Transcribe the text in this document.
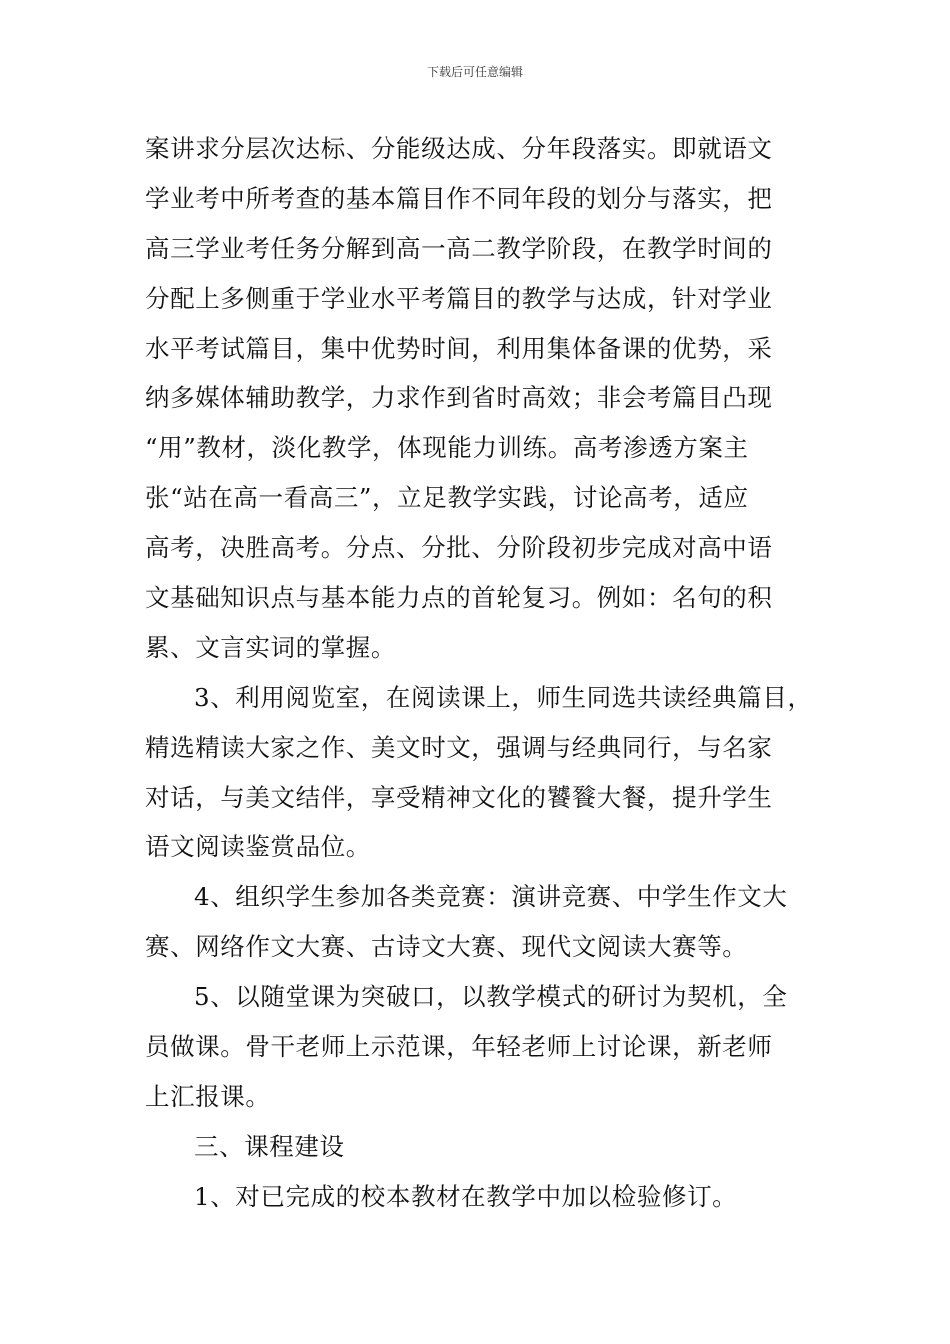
下载后可任意编辑
案讲求分层次达标、分能级达成、分年段落实。即就语文
学业考中所考查的基本篇目作不同年段的划分与落实，把
高三学业考任务分解到高一高二教学阶段，在教学时间的
分配上多侧重于学业水平考篇目的教学与达成，针对学业
水平考试篇目，集中优势时间，利用集体备课的优势，采
纳多媒体辅助教学，力求作到省时高效；非会考篇目凸现
“用”教材，淡化教学，体现能力训练。高考渗透方案主
张“站在高一看高三”，立足教学实践，讨论高考，适应
高考，决胜高考。分点、分批、分阶段初步完成对高中语
文基础知识点与基本能力点的首轮复习。例如：名句的积
累、文言实词的掌握。
3、利用阅览室，在阅读课上，师生同选共读经典篇目，
精选精读大家之作、美文时文，强调与经典同行，与名家
对话，与美文结伴，享受精神文化的饕餮大餐，提升学生
语文阅读鉴赏品位。
4、组织学生参加各类竞赛：演讲竞赛、中学生作文大
赛、网络作文大赛、古诗文大赛、现代文阅读大赛等。
5、以随堂课为突破口，以教学模式的研讨为契机，全
员做课。骨干老师上示范课，年轻老师上讨论课，新老师
上汇报课。
三、课程建设
1、对已完成的校本教材在教学中加以检验修订。
